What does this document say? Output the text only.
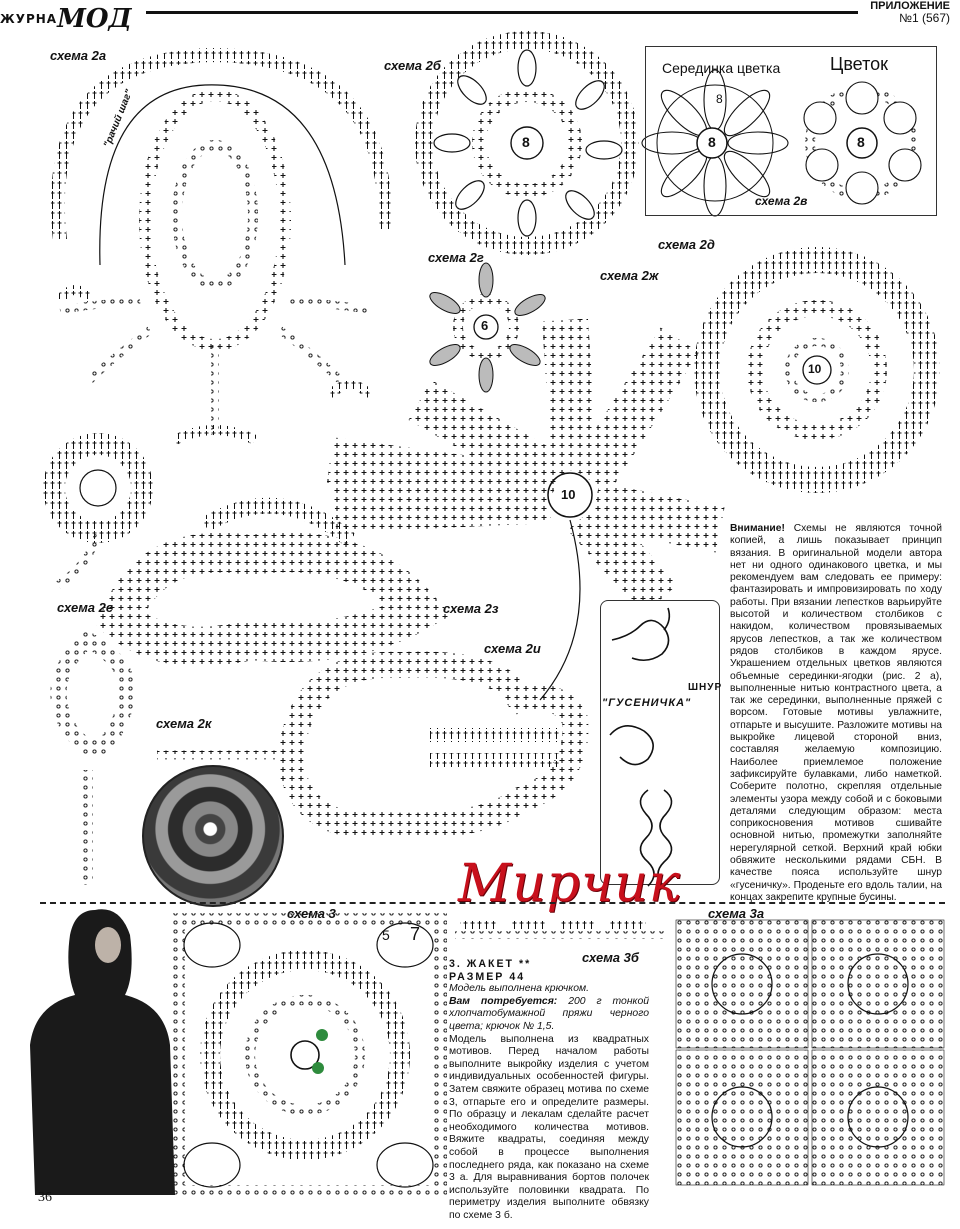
ЖУРНАМОД	ПРИЛОЖЕНИЕ
№1 (567)
Серединка цветка	Цветок
схема 2а
схема 2б
схема 2в
схема 2г
схема 2д
схема 2ж
схема 2е	схема 2з
схема 2и
схема 2к
схема 3	схема 3а
схема 3б
"рачий шаг"	8	8
8
8
6
10
10
5 7
Внимание! Схемы не являются точной копией, а лишь показывает принцип вязания. В оригинальной модели автора нет ни одного одинакового цветка, и мы рекомендуем вам следовать ее примеру: фантазировать и импровизировать по ходу работы. При вязании лепестков варьируйте высотой и количеством столбиков с накидом, количеством провязываемых ярусов лепестков, а так же количеством рядов столбиков в каждом ярусе. Украшением отдельных цветков являются объемные серединки-ягодки (рис. 2 а), выполненные нитью контрастного цвета, а так же серединки, выполненные пряжей с ворсом. Готовые мотивы увлажните, отпарьте и высушите. Разложите мотивы на выкройке лицевой стороной вниз, составляя желаемую композицию. Наиболее приемлемое положение зафиксируйте булавками, либо наметкой. Соберите полотно, скрепляя отдельные элементы узора между собой и с боковыми деталями следующим образом: места соприкосновения мотивов сшивайте основной нитью, промежутки заполняйте нерегулярной сеткой. Верхний край юбки обвяжите несколькими рядами СБН. В качестве пояса используйте шнур «гусеничку». Проденьте его вдоль талии, на концах закрепите крупные бусины.
ШНУР
"ГУСЕНИЧКА"
Мирчик
3. ЖАКЕТ **
РАЗМЕР 44
Модель выполнена крючком.
Вам потребуется: 200 г тонкой хлопчатобумажной пряжи черного цвета; крючок № 1,5.
Модель выполнена из квадратных мотивов. Перед началом работы выполните выкройку изделия с учетом индивидуальных особенностей фигуры. Затем свяжите образец мотива по схеме 3, отпарьте его и определите размеры. По образцу и лекалам сделайте расчет необходимого количества мотивов. Вяжите квадраты, соединяя между собой в процессе выполнения последнего ряда, как показано на схеме 3 а. Для выравнивания бортов полочек используйте половинки квадрата. По периметру изделия выполните обвязку по схеме 3 б.
36
